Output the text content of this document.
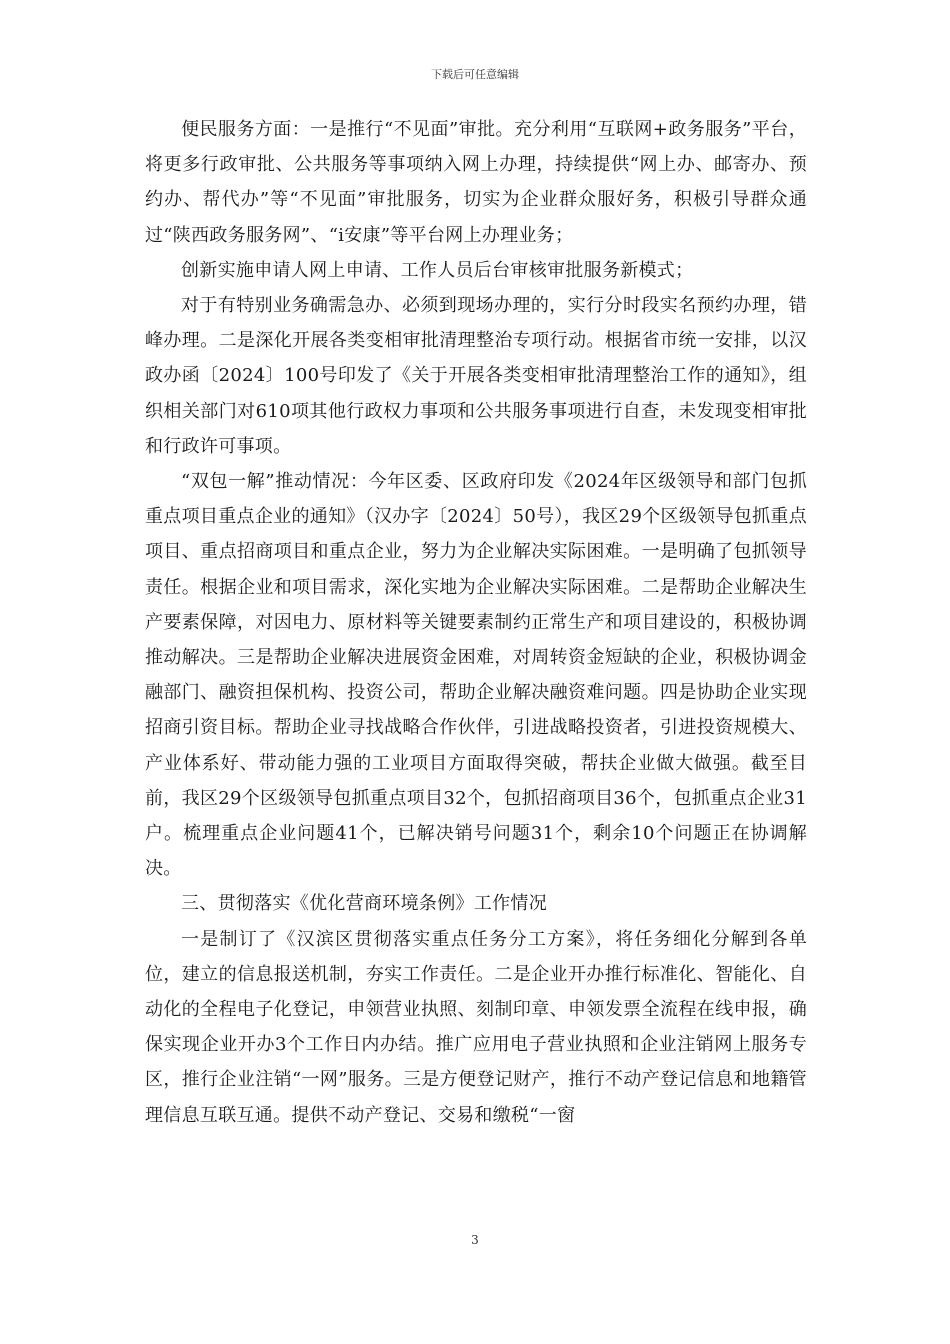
下载后可任意编辑

便民服务方面：一是推行“不见面”审批。充分利用“互联网+政务服务”平台，将更多行政审批、公共服务等事项纳入网上办理，持续提供“网上办、邮寄办、预约办、帮代办”等“不见面”审批服务，切实为企业群众服好务，积极引导群众通过“陕西政务服务网”、“i安康”等平台网上办理业务；

创新实施申请人网上申请、工作人员后台审核审批服务新模式；

对于有特别业务确需急办、必须到现场办理的，实行分时段实名预约办理，错峰办理。二是深化开展各类变相审批清理整治专项行动。根据省市统一安排，以汉政办函〔2024〕100号印发了《关于开展各类变相审批清理整治工作的通知》，组织相关部门对610项其他行政权力事项和公共服务事项进行自查，未发现变相审批和行政许可事项。

“双包一解”推动情况：今年区委、区政府印发《2024年区级领导和部门包抓重点项目重点企业的通知》（汉办字〔2024〕50号），我区29个区级领导包抓重点项目、重点招商项目和重点企业，努力为企业解决实际困难。一是明确了包抓领导责任。根据企业和项目需求，深化实地为企业解决实际困难。二是帮助企业解决生产要素保障，对因电力、原材料等关键要素制约正常生产和项目建设的，积极协调推动解决。三是帮助企业解决进展资金困难，对周转资金短缺的企业，积极协调金融部门、融资担保机构、投资公司，帮助企业解决融资难问题。四是协助企业实现招商引资目标。帮助企业寻找战略合作伙伴，引进战略投资者，引进投资规模大、产业体系好、带动能力强的工业项目方面取得突破，帮扶企业做大做强。截至目前，我区29个区级领导包抓重点项目32个，包抓招商项目36个，包抓重点企业31户。梳理重点企业问题41个，已解决销号问题31个，剩余10个问题正在协调解决。

三、贯彻落实《优化营商环境条例》工作情况

一是制订了《汉滨区贯彻落实重点任务分工方案》，将任务细化分解到各单位，建立的信息报送机制，夯实工作责任。二是企业开办推行标准化、智能化、自动化的全程电子化登记，申领营业执照、刻制印章、申领发票全流程在线申报，确保实现企业开办3个工作日内办结。推广应用电子营业执照和企业注销网上服务专区，推行企业注销“一网”服务。三是方便登记财产，推行不动产登记信息和地籍管理信息互联互通。提供不动产登记、交易和缴税“一窗

3
